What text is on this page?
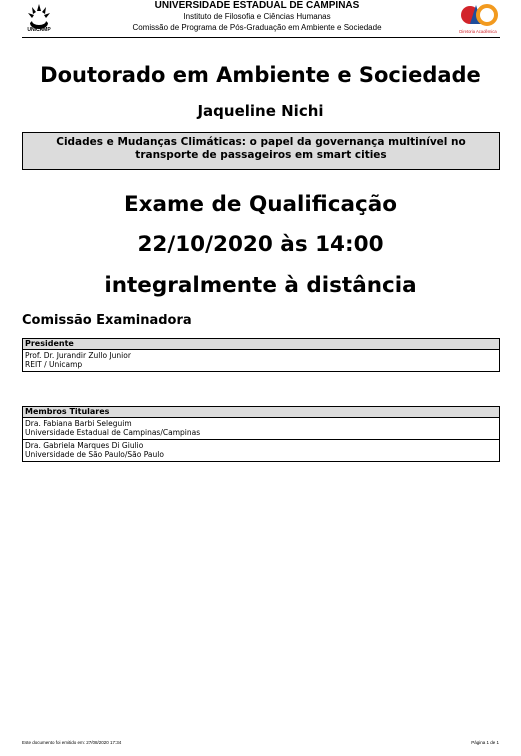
UNICAMP
UNIVERSIDADE ESTADUAL DE CAMPINAS
Instituto de Filosofia e Ciências Humanas
Comissão de Programa de Pós-Graduação em Ambiente e Sociedade	Diretoria Acadêmica
Doutorado em Ambiente e Sociedade
Jaqueline Nichi
Cidades e Mudanças Climáticas: o papel da governança multinível no transporte de passageiros em smart cities
Exame de Qualificação
22/10/2020 às 14:00
integralmente à distância
Comissão Examinadora
Presidente
Prof. Dr. Jurandir Zullo Junior
REIT / Unicamp
Membros Titulares
Dra. Fabiana Barbi Seleguim
Universidade Estadual de Campinas/Campinas
Dra. Gabriela Marques Di Giulio
Universidade de São Paulo/São Paulo
Este documento foi emitido em: 27/08/2020 17:34	Página 1 de 1
